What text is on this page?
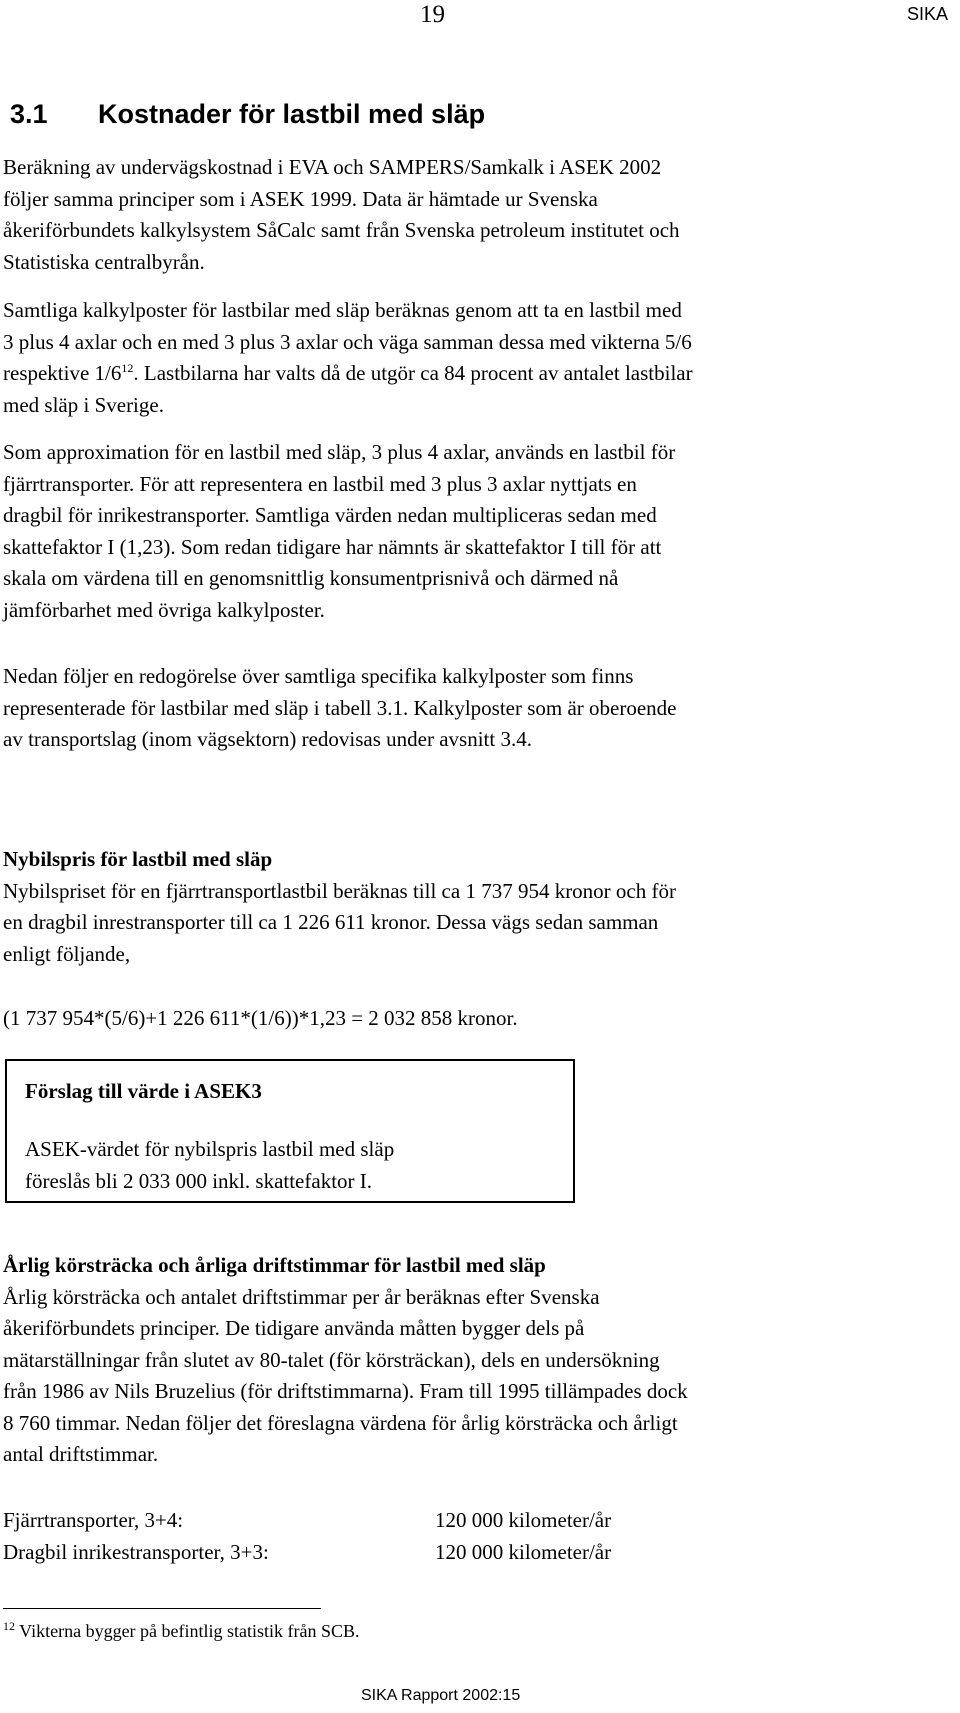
19	SIKA
3.1 Kostnader för lastbil med släp

Beräkning av undervägskostnad i EVA och SAMPERS/Samkalk i ASEK 2002

följer samma principer som i ASEK 1999. Data är hämtade ur Svenska

åkeriförbundets kalkylsystem SåCalc samt från Svenska petroleum institutet och

Statistiska centralbyrån.

Samtliga kalkylposter för lastbilar med släp beräknas genom att ta en lastbil med

3 plus 4 axlar och en med 3 plus 3 axlar och väga samman dessa med vikterna 5/6

respektive $1/6^{12}$. Lastbilarna har valts då de utgör ca 84 procent av antalet lastbilar

med släp i Sverige.

Som approximation för en lastbil med släp, 3 plus 4 axlar, används en lastbil för

fjärrtransporter. För att representera en lastbil med 3 plus 3 axlar nyttjats en

dragbil för inrikestransporter. Samtliga värden nedan multipliceras sedan med

skattefaktor I (1,23). Som redan tidigare har nämnts är skattefaktor I till för att

skala om värdena till en genomsnittlig konsumentprisnivå och därmed nå

jämförbarhet med övriga kalkylposter.

Nedan följer en redogörelse över samtliga specifika kalkylposter som finns

representerade för lastbilar med släp i tabell 3.1. Kalkylposter som är oberoende

av transportslag (inom vägsektorn) redovisas under avsnitt 3.4.

Nybilspris för lastbil med släp

Nybilspriset för en fjärrtransportlastbil beräknas till ca 1 737 954 kronor och för

en dragbil inrestransporter till ca 1 226 611 kronor. Dessa vägs sedan samman

enligt följande,

(1 737 954*(5/6)+1 226 611*(1/6))*1,23 = 2 032 858 kronor.

Förslag till värde i ASEK3
ASEK-värdet för nybilspris lastbil med släp
föreslås bli 2 033 000 inkl. skattefaktor I.

Årlig körsträcka och årliga driftstimmar för lastbil med släp

Årlig körsträcka och antalet driftstimmar per år beräknas efter Svenska

åkeriförbundets principer. De tidigare använda måtten bygger dels på

mätarställningar från slutet av 80-talet (för körsträckan), dels en undersökning

från 1986 av Nils Bruzelius (för driftstimmarna). Fram till 1995 tillämpades dock

8 760 timmar. Nedan följer det föreslagna värdena för årlig körsträcka och årligt

antal driftstimmar.

Fjärrtransporter, 3+4:	120 000 kilometer/år
Dragbil inrikestransporter, 3+3:	120 000 kilometer/år
$^{12}$ Vikterna bygger på befintlig statistik från SCB.
SIKA Rapport 2002:15
